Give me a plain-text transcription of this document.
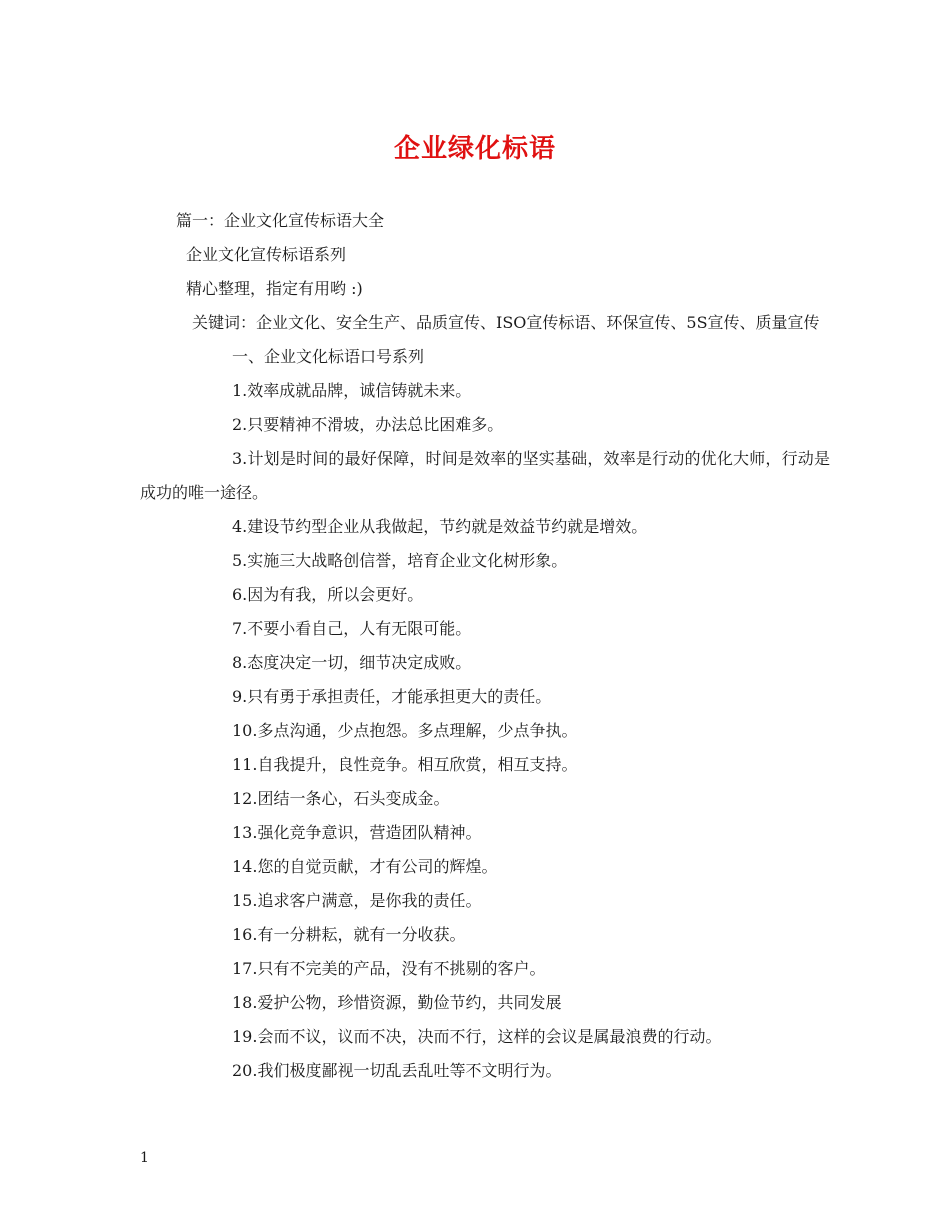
企业绿化标语

篇一：企业文化宣传标语大全

企业文化宣传标语系列

精心整理，指定有用哟 :)

关键词：企业文化、安全生产、品质宣传、ISO宣传标语、环保宣传、5S宣传、质量宣传

一、企业文化标语口号系列

1.效率成就品牌，诚信铸就未来。

2.只要精神不滑坡，办法总比困难多。

3.计划是时间的最好保障，时间是效率的坚实基础，效率是行动的优化大师，行动是成功的唯一途径。

4.建设节约型企业从我做起，节约就是效益节约就是增效。

5.实施三大战略创信誉，培育企业文化树形象。

6.因为有我，所以会更好。

7.不要小看自己，人有无限可能。

8.态度决定一切，细节决定成败。

9.只有勇于承担责任，才能承担更大的责任。

10.多点沟通，少点抱怨。多点理解，少点争执。

11.自我提升，良性竞争。相互欣赏，相互支持。

12.团结一条心，石头变成金。

13.强化竞争意识，营造团队精神。

14.您的自觉贡献，才有公司的辉煌。

15.追求客户满意，是你我的责任。

16.有一分耕耘，就有一分收获。

17.只有不完美的产品，没有不挑剔的客户。

18.爱护公物，珍惜资源，勤俭节约，共同发展

19.会而不议，议而不决，决而不行，这样的会议是属最浪费的行动。

20.我们极度鄙视一切乱丢乱吐等不文明行为。

1
